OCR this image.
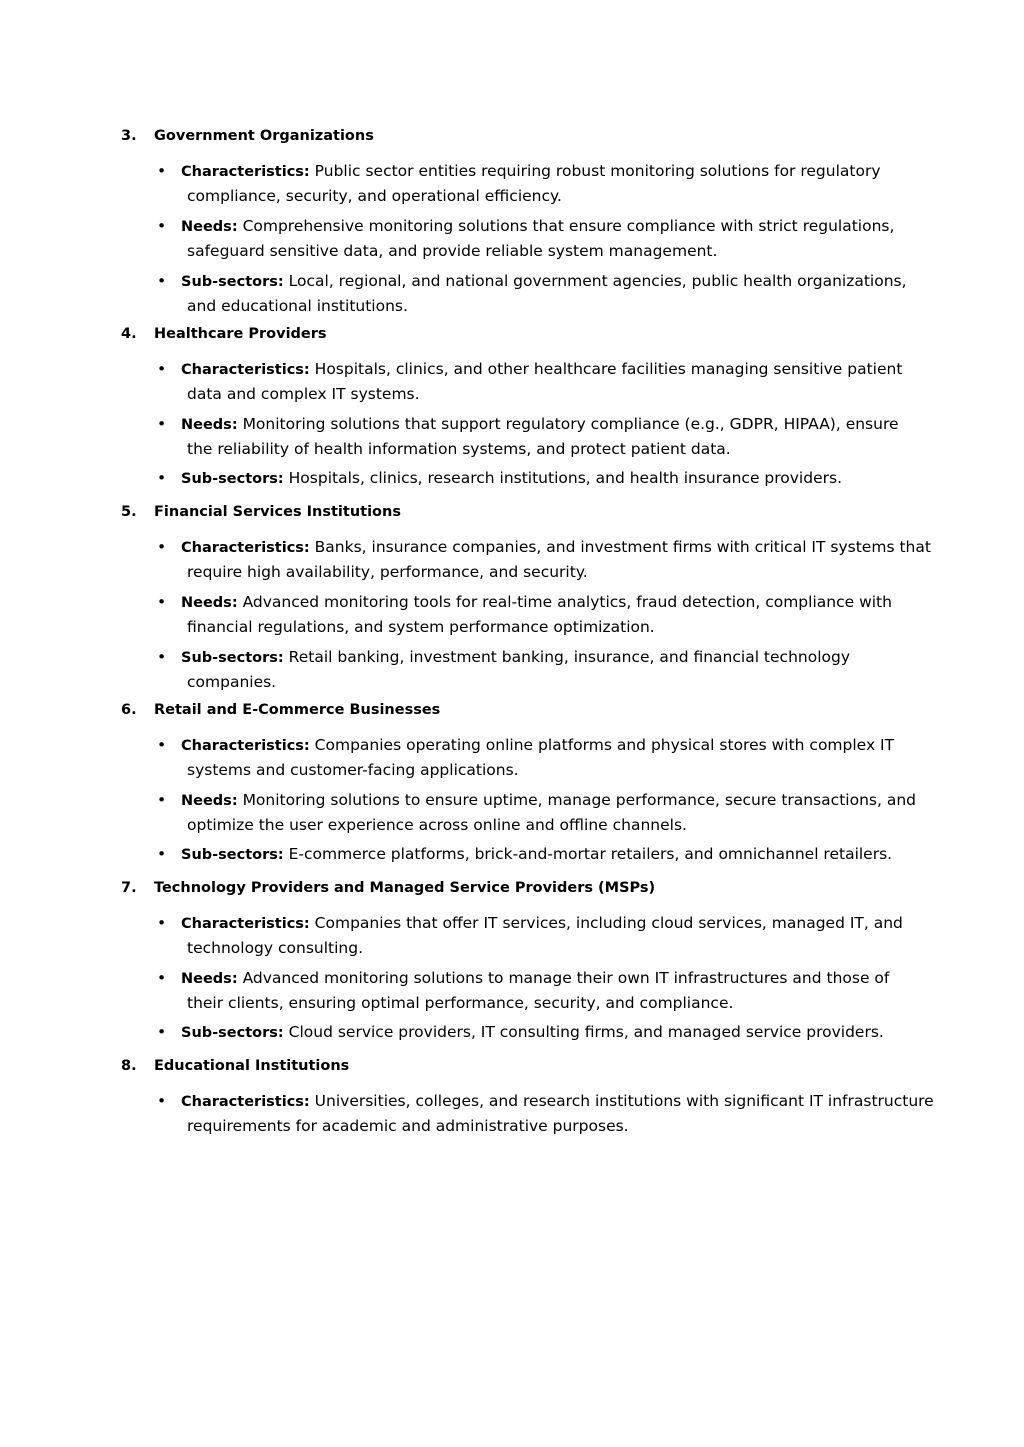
3. Government Organizations
• Characteristics: Public sector entities requiring robust monitoring solutions for regulatory
compliance, security, and operational efficiency.
• Needs: Comprehensive monitoring solutions that ensure compliance with strict regulations,
safeguard sensitive data, and provide reliable system management.
• Sub-sectors: Local, regional, and national government agencies, public health organizations,
and educational institutions.
4. Healthcare Providers
• Characteristics: Hospitals, clinics, and other healthcare facilities managing sensitive patient
data and complex IT systems.
• Needs: Monitoring solutions that support regulatory compliance (e.g., GDPR, HIPAA), ensure
the reliability of health information systems, and protect patient data.
• Sub-sectors: Hospitals, clinics, research institutions, and health insurance providers.
5. Financial Services Institutions
• Characteristics: Banks, insurance companies, and investment firms with critical IT systems that
require high availability, performance, and security.
• Needs: Advanced monitoring tools for real-time analytics, fraud detection, compliance with
financial regulations, and system performance optimization.
• Sub-sectors: Retail banking, investment banking, insurance, and financial technology
companies.
6. Retail and E-Commerce Businesses
• Characteristics: Companies operating online platforms and physical stores with complex IT
systems and customer-facing applications.
• Needs: Monitoring solutions to ensure uptime, manage performance, secure transactions, and
optimize the user experience across online and offline channels.
• Sub-sectors: E-commerce platforms, brick-and-mortar retailers, and omnichannel retailers.
7. Technology Providers and Managed Service Providers (MSPs)
• Characteristics: Companies that offer IT services, including cloud services, managed IT, and
technology consulting.
• Needs: Advanced monitoring solutions to manage their own IT infrastructures and those of
their clients, ensuring optimal performance, security, and compliance.
• Sub-sectors: Cloud service providers, IT consulting firms, and managed service providers.
8. Educational Institutions
• Characteristics: Universities, colleges, and research institutions with significant IT infrastructure
requirements for academic and administrative purposes.
